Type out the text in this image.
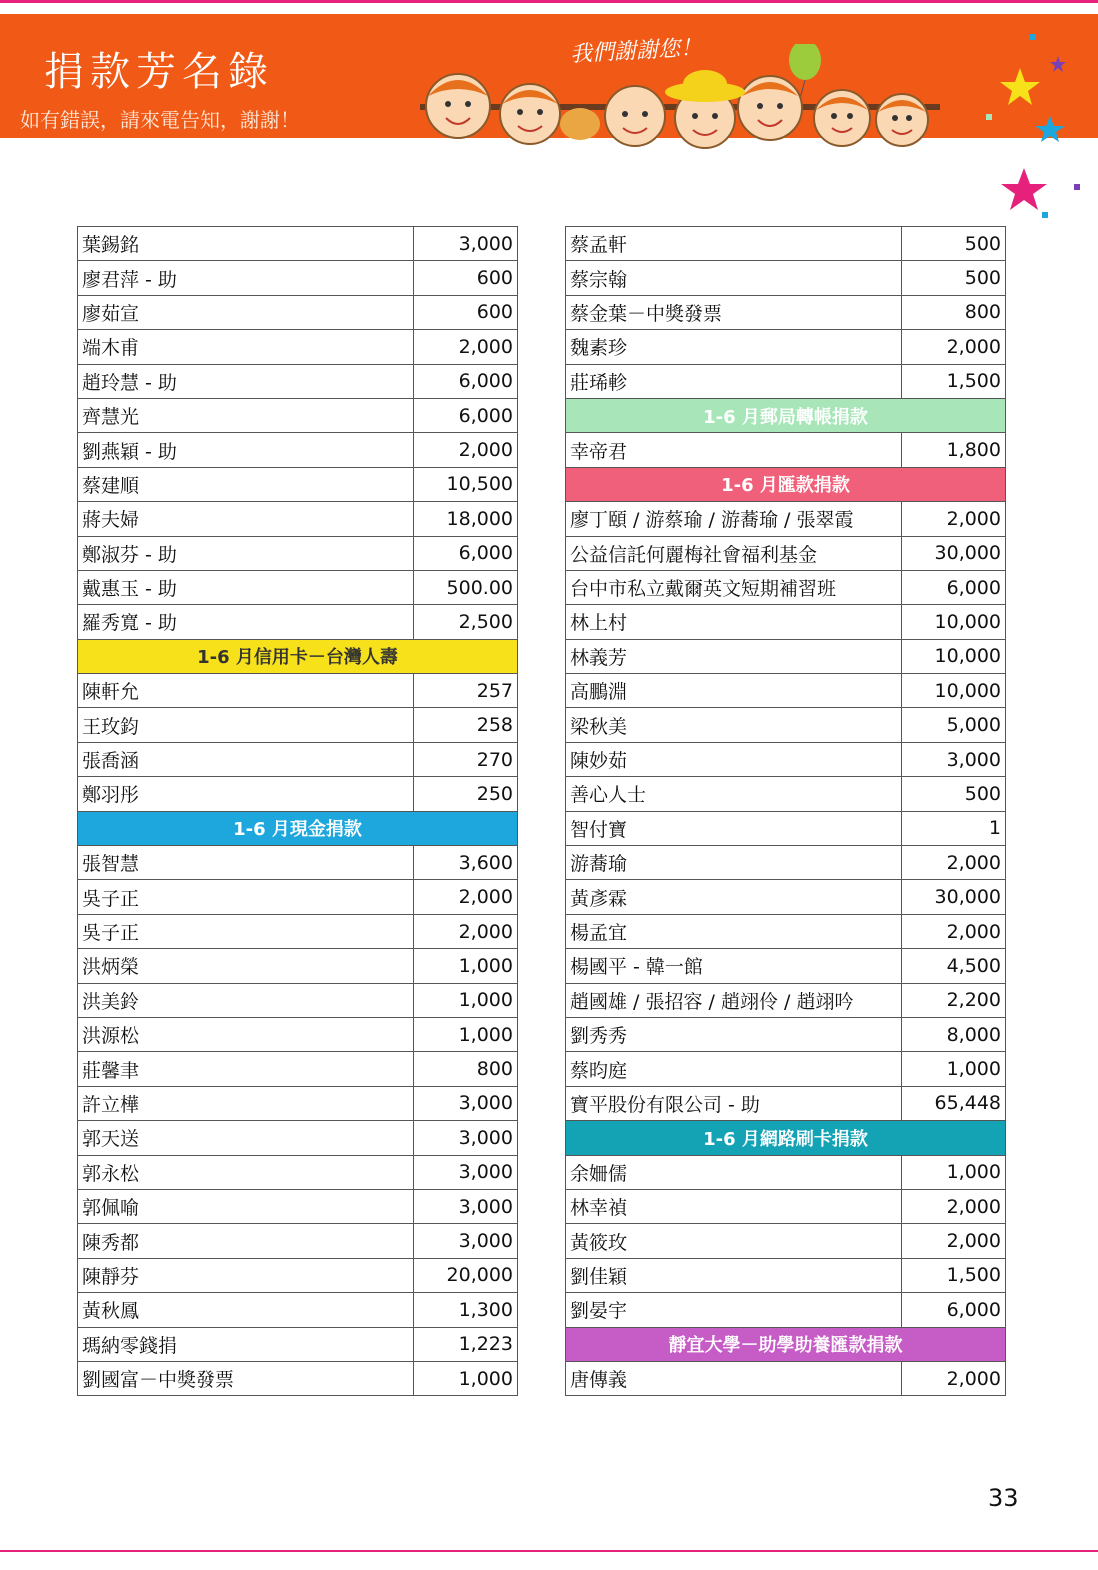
捐款芳名錄
如有錯誤，請來電告知，謝謝！
我們謝謝您！
葉錫銘	3,000
廖君萍 - 助	600
廖茹宣	600
端木甫	2,000
趙玲慧 - 助	6,000
齊慧光	6,000
劉燕穎 - 助	2,000
蔡建順	10,500
蔣夫婦	18,000
鄭淑芬 - 助	6,000
戴惠玉 - 助	500.00
羅秀寬 - 助	2,500
1-6 月信用卡－台灣人壽	
陳軒允	257
王玫鈞	258
張喬涵	270
鄭羽彤	250
1-6 月現金捐款	
張智慧	3,600
吳子正	2,000
吳子正	2,000
洪炳榮	1,000
洪美鈴	1,000
洪源松	1,000
莊馨聿	800
許立樺	3,000
郭天送	3,000
郭永松	3,000
郭佩喻	3,000
陳秀都	3,000
陳靜芬	20,000
黃秋鳳	1,300
瑪納零錢捐	1,223
劉國富－中獎發票	1,000
蔡孟軒	500
蔡宗翰	500
蔡金葉－中獎發票	800
魏素珍	2,000
莊琋軫	1,500
1-6 月郵局轉帳捐款	
幸帝君	1,800
1-6 月匯款捐款	
廖丁頤 / 游蔡瑜 / 游蕎瑜 / 張翠霞	2,000
公益信託何麗梅社會福利基金	30,000
台中市私立戴爾英文短期補習班	6,000
林上村	10,000
林義芳	10,000
高鵬淵	10,000
梁秋美	5,000
陳妙茹	3,000
善心人士	500
智付寶	1
游蕎瑜	2,000
黃彥霖	30,000
楊孟宜	2,000
楊國平 - 韓一館	4,500
趙國雄 / 張招容 / 趙翊伶 / 趙翊吟	2,200
劉秀秀	8,000
蔡昀庭	1,000
寶平股份有限公司 - 助	65,448
1-6 月網路刷卡捐款	
余姍儒	1,000
林幸禎	2,000
黃筱玫	2,000
劉佳穎	1,500
劉晏宇	6,000
靜宜大學－助學助養匯款捐款	
唐傳義	2,000
33
